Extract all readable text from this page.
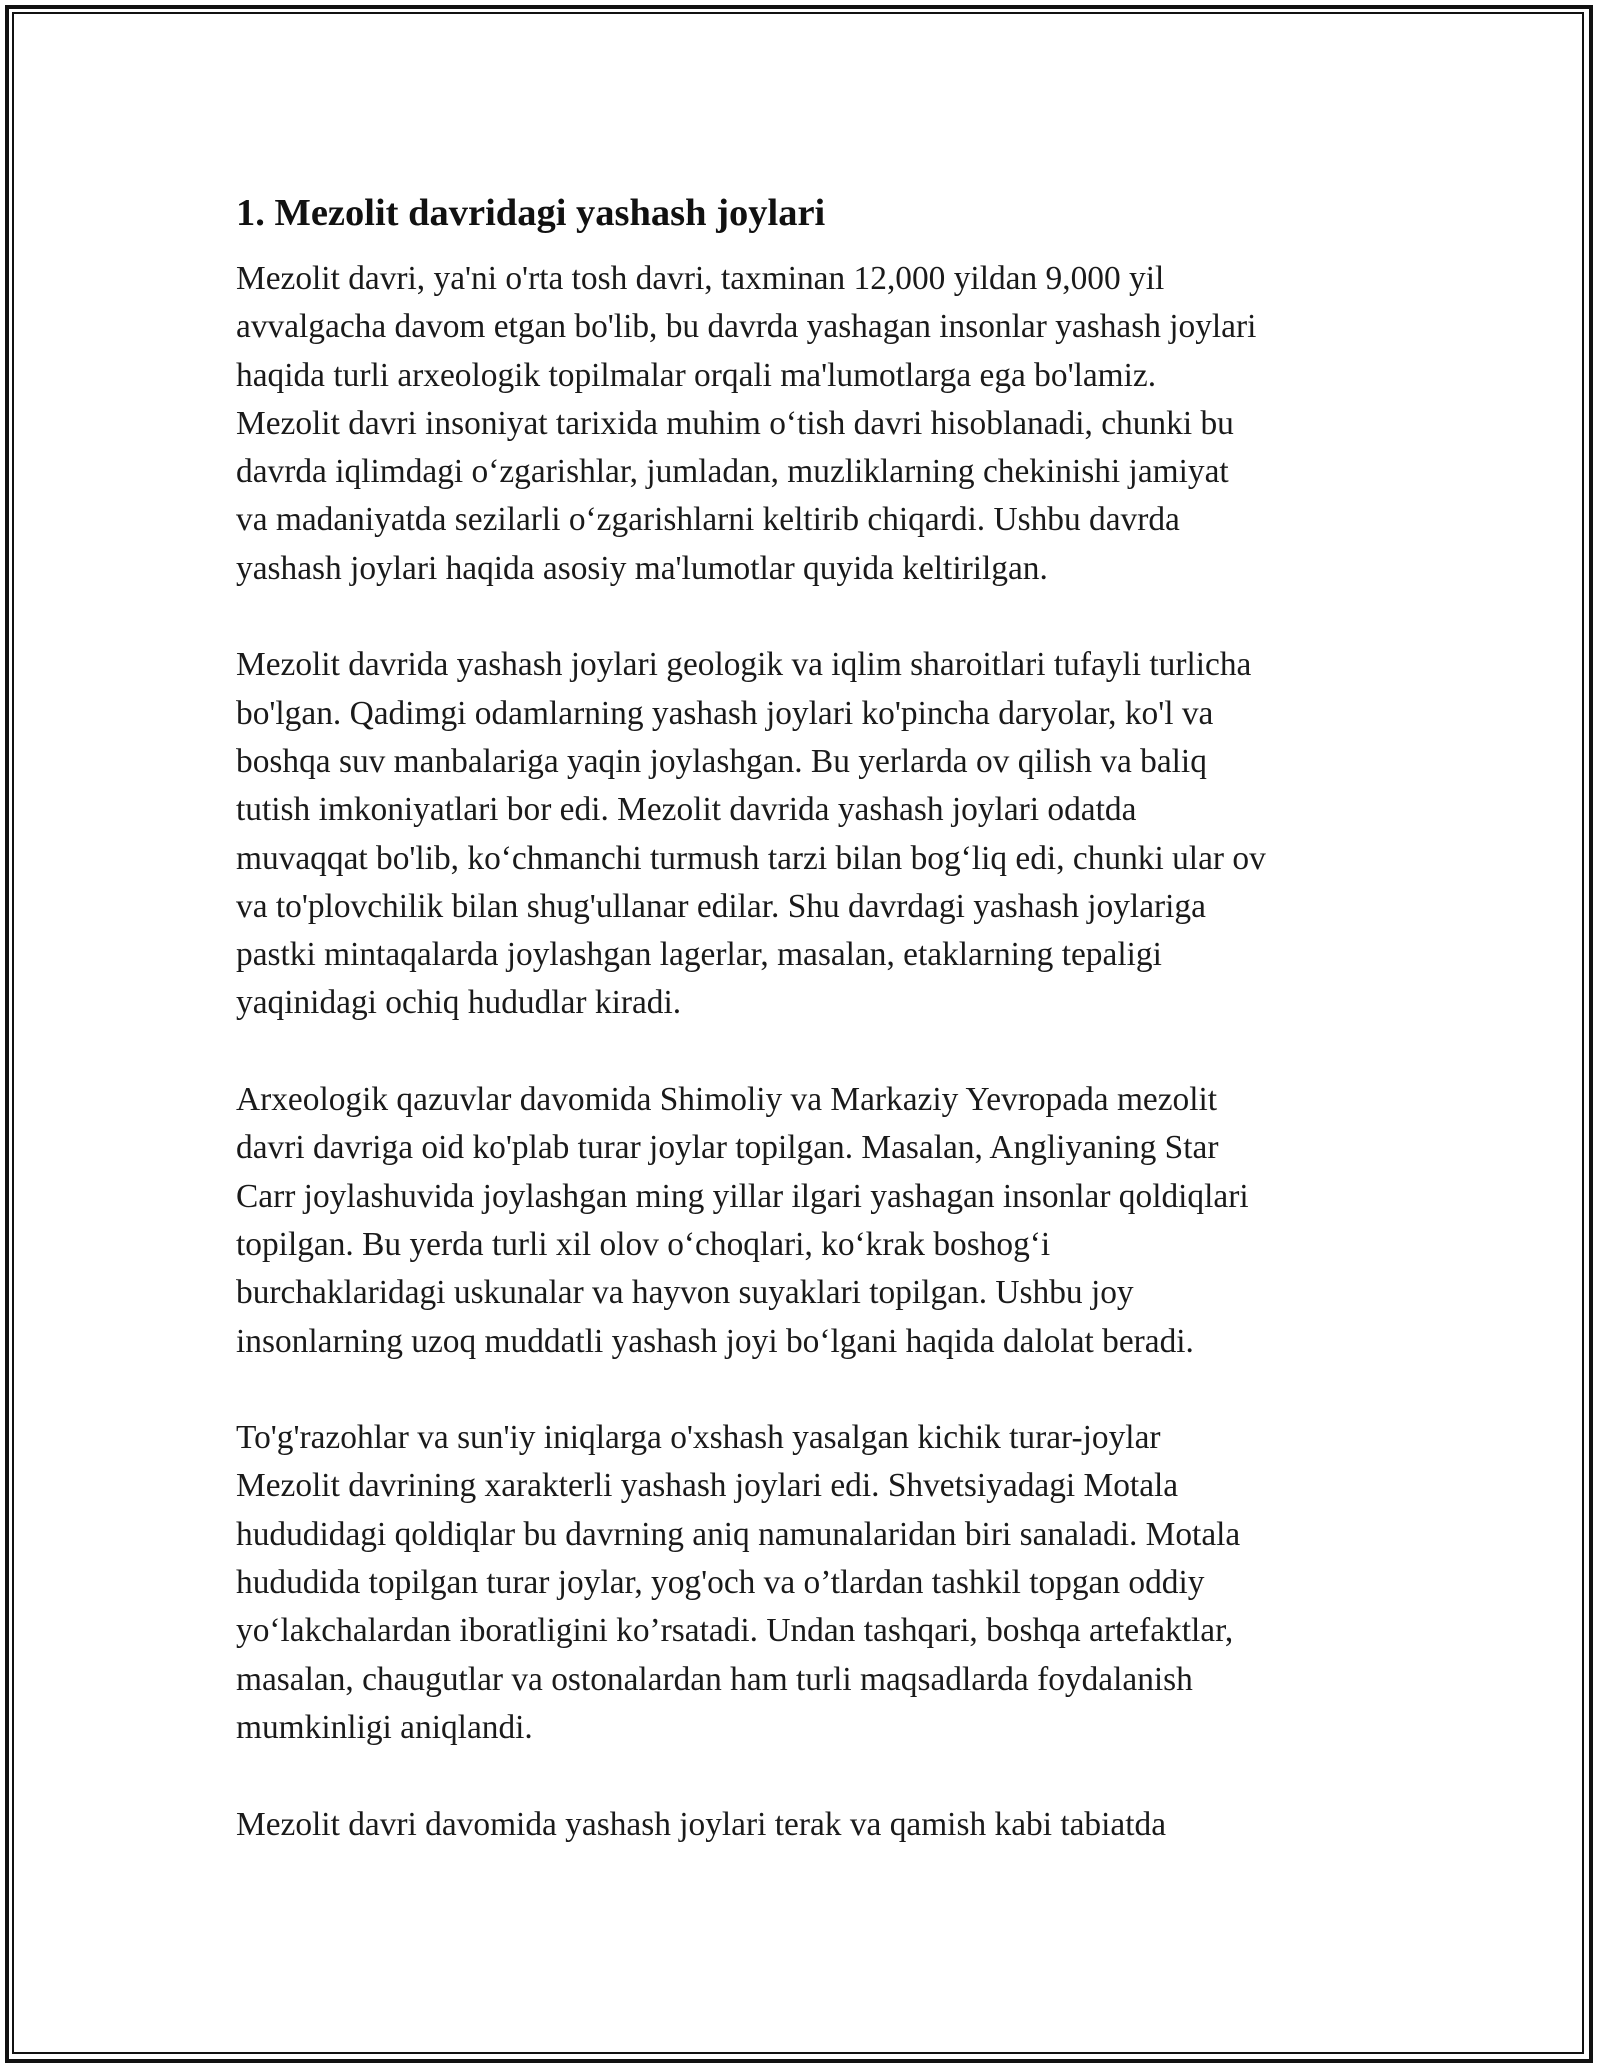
1. Mezolit davridagi yashash joylari
Mezolit davri, ya'ni o'rta tosh davri, taxminan 12,000 yildan 9,000 yil
avvalgacha davom etgan bo'lib, bu davrda yashagan insonlar yashash joylari
haqida turli arxeologik topilmalar orqali ma'lumotlarga ega bo'lamiz.
Mezolit davri insoniyat tarixida muhim o‘tish davri hisoblanadi, chunki bu
davrda iqlimdagi o‘zgarishlar, jumladan, muzliklarning chekinishi jamiyat
va madaniyatda sezilarli o‘zgarishlarni keltirib chiqardi. Ushbu davrda
yashash joylari haqida asosiy ma'lumotlar quyida keltirilgan.
Mezolit davrida yashash joylari geologik va iqlim sharoitlari tufayli turlicha
bo'lgan. Qadimgi odamlarning yashash joylari ko'pincha daryolar, ko'l va
boshqa suv manbalariga yaqin joylashgan. Bu yerlarda ov qilish va baliq
tutish imkoniyatlari bor edi. Mezolit davrida yashash joylari odatda
muvaqqat bo'lib, ko‘chmanchi turmush tarzi bilan bog‘liq edi, chunki ular ov
va to'plovchilik bilan shug'ullanar edilar. Shu davrdagi yashash joylariga
pastki mintaqalarda joylashgan lagerlar, masalan, etaklarning tepaligi
yaqinidagi ochiq hududlar kiradi.
Arxeologik qazuvlar davomida Shimoliy va Markaziy Yevropada mezolit
davri davriga oid ko'plab turar joylar topilgan. Masalan, Angliyaning Star
Carr joylashuvida joylashgan ming yillar ilgari yashagan insonlar qoldiqlari
topilgan. Bu yerda turli xil olov o‘choqlari, ko‘krak boshog‘i
burchaklaridagi uskunalar va hayvon suyaklari topilgan. Ushbu joy
insonlarning uzoq muddatli yashash joyi bo‘lgani haqida dalolat beradi.
To'g'razohlar va sun'iy iniqlarga o'xshash yasalgan kichik turar-joylar
Mezolit davrining xarakterli yashash joylari edi. Shvetsiyadagi Motala
hududidagi qoldiqlar bu davrning aniq namunalaridan biri sanaladi. Motala
hududida topilgan turar joylar, yog'och va o’tlardan tashkil topgan oddiy
yo‘lakchalardan iboratligini ko’rsatadi. Undan tashqari, boshqa artefaktlar,
masalan, chaugutlar va ostonalardan ham turli maqsadlarda foydalanish
mumkinligi aniqlandi.
Mezolit davri davomida yashash joylari terak va qamish kabi tabiatda
